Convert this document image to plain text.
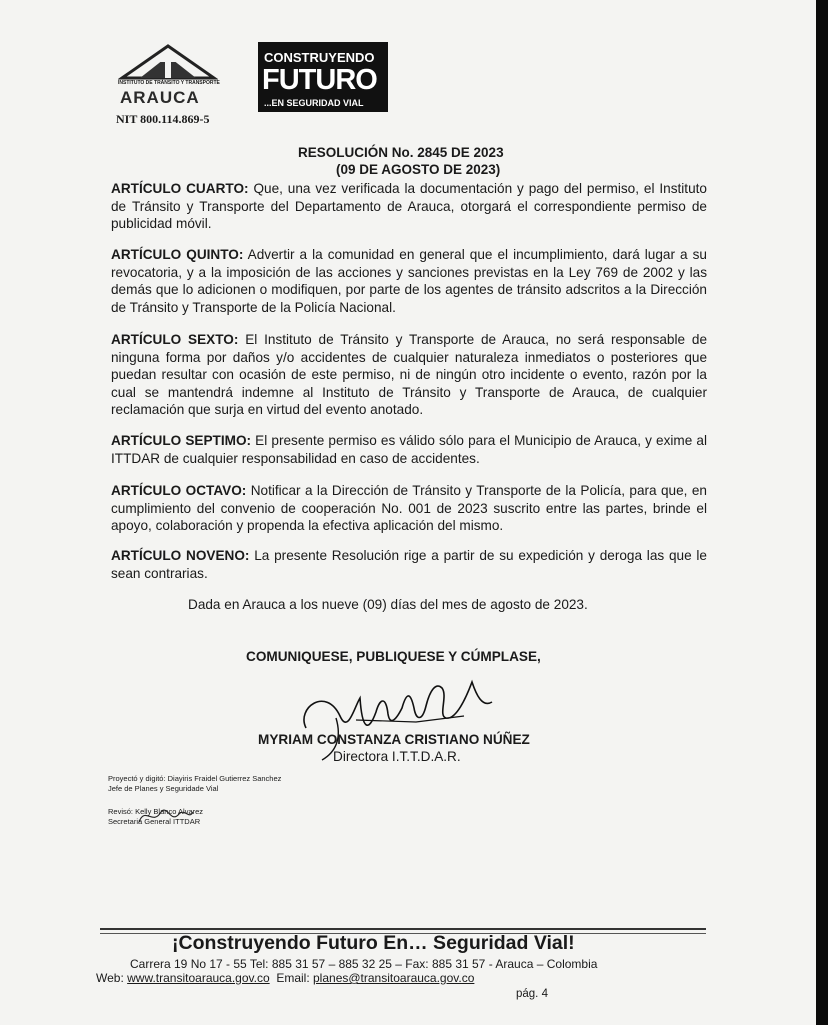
INSTITUTO DE TRÁNSITO Y TRANSPORTE
ARAUCA
CONSTRUYENDO
FUTURO
...EN SEGURIDAD VIAL
NIT 800.114.869-5
RESOLUCIÓN No. 2845 DE 2023
(09 DE AGOSTO DE 2023)
ARTÍCULO CUARTO: Que, una vez verificada la documentación y pago del permiso, el Instituto de Tránsito y Transporte del Departamento de Arauca, otorgará el correspondiente permiso de publicidad móvil.
ARTÍCULO QUINTO: Advertir a la comunidad en general que el incumplimiento, dará lugar a su revocatoria, y a la imposición de las acciones y sanciones previstas en la Ley 769 de 2002 y las demás que lo adicionen o modifiquen, por parte de los agentes de tránsito adscritos a la Dirección de Tránsito y Transporte de la Policía Nacional.
ARTÍCULO SEXTO: El Instituto de Tránsito y Transporte de Arauca, no será responsable de ninguna forma por daños y/o accidentes de cualquier naturaleza inmediatos o posteriores que puedan resultar con ocasión de este permiso, ni de ningún otro incidente o evento, razón por la cual se mantendrá indemne al Instituto de Tránsito y Transporte de Arauca, de cualquier reclamación que surja en virtud del evento anotado.
ARTÍCULO SEPTIMO: El presente permiso es válido sólo para el Municipio de Arauca, y exime al ITTDAR de cualquier responsabilidad en caso de accidentes.
ARTÍCULO OCTAVO: Notificar a la Dirección de Tránsito y Transporte de la Policía, para que, en cumplimiento del convenio de cooperación No. 001 de 2023 suscrito entre las partes, brinde el apoyo, colaboración y propenda la efectiva aplicación del mismo.
ARTÍCULO NOVENO: La presente Resolución rige a partir de su expedición y deroga las que le sean contrarias.
Dada en Arauca a los nueve (09) días del mes de agosto de 2023.
COMUNIQUESE, PUBLIQUESE Y CÚMPLASE,
MYRIAM CONSTANZA CRISTIANO NÚÑEZ
Directora I.T.T.D.A.R.
Proyectó y digitó: Diayiris Fraidel Gutierrez Sanchez
Jefe de Planes y Seguridade Vial
Revisó: Kelly Blanco Alvarez
Secretaria General ITTDAR
¡Construyendo Futuro En… Seguridad Vial!
Carrera 19 No 17 - 55 Tel: 885 31 57 – 885 32 25 – Fax: 885 31 57 - Arauca – Colombia
Web: www.transitoarauca.gov.co Email: planes@transitoarauca.gov.co
pág. 4
